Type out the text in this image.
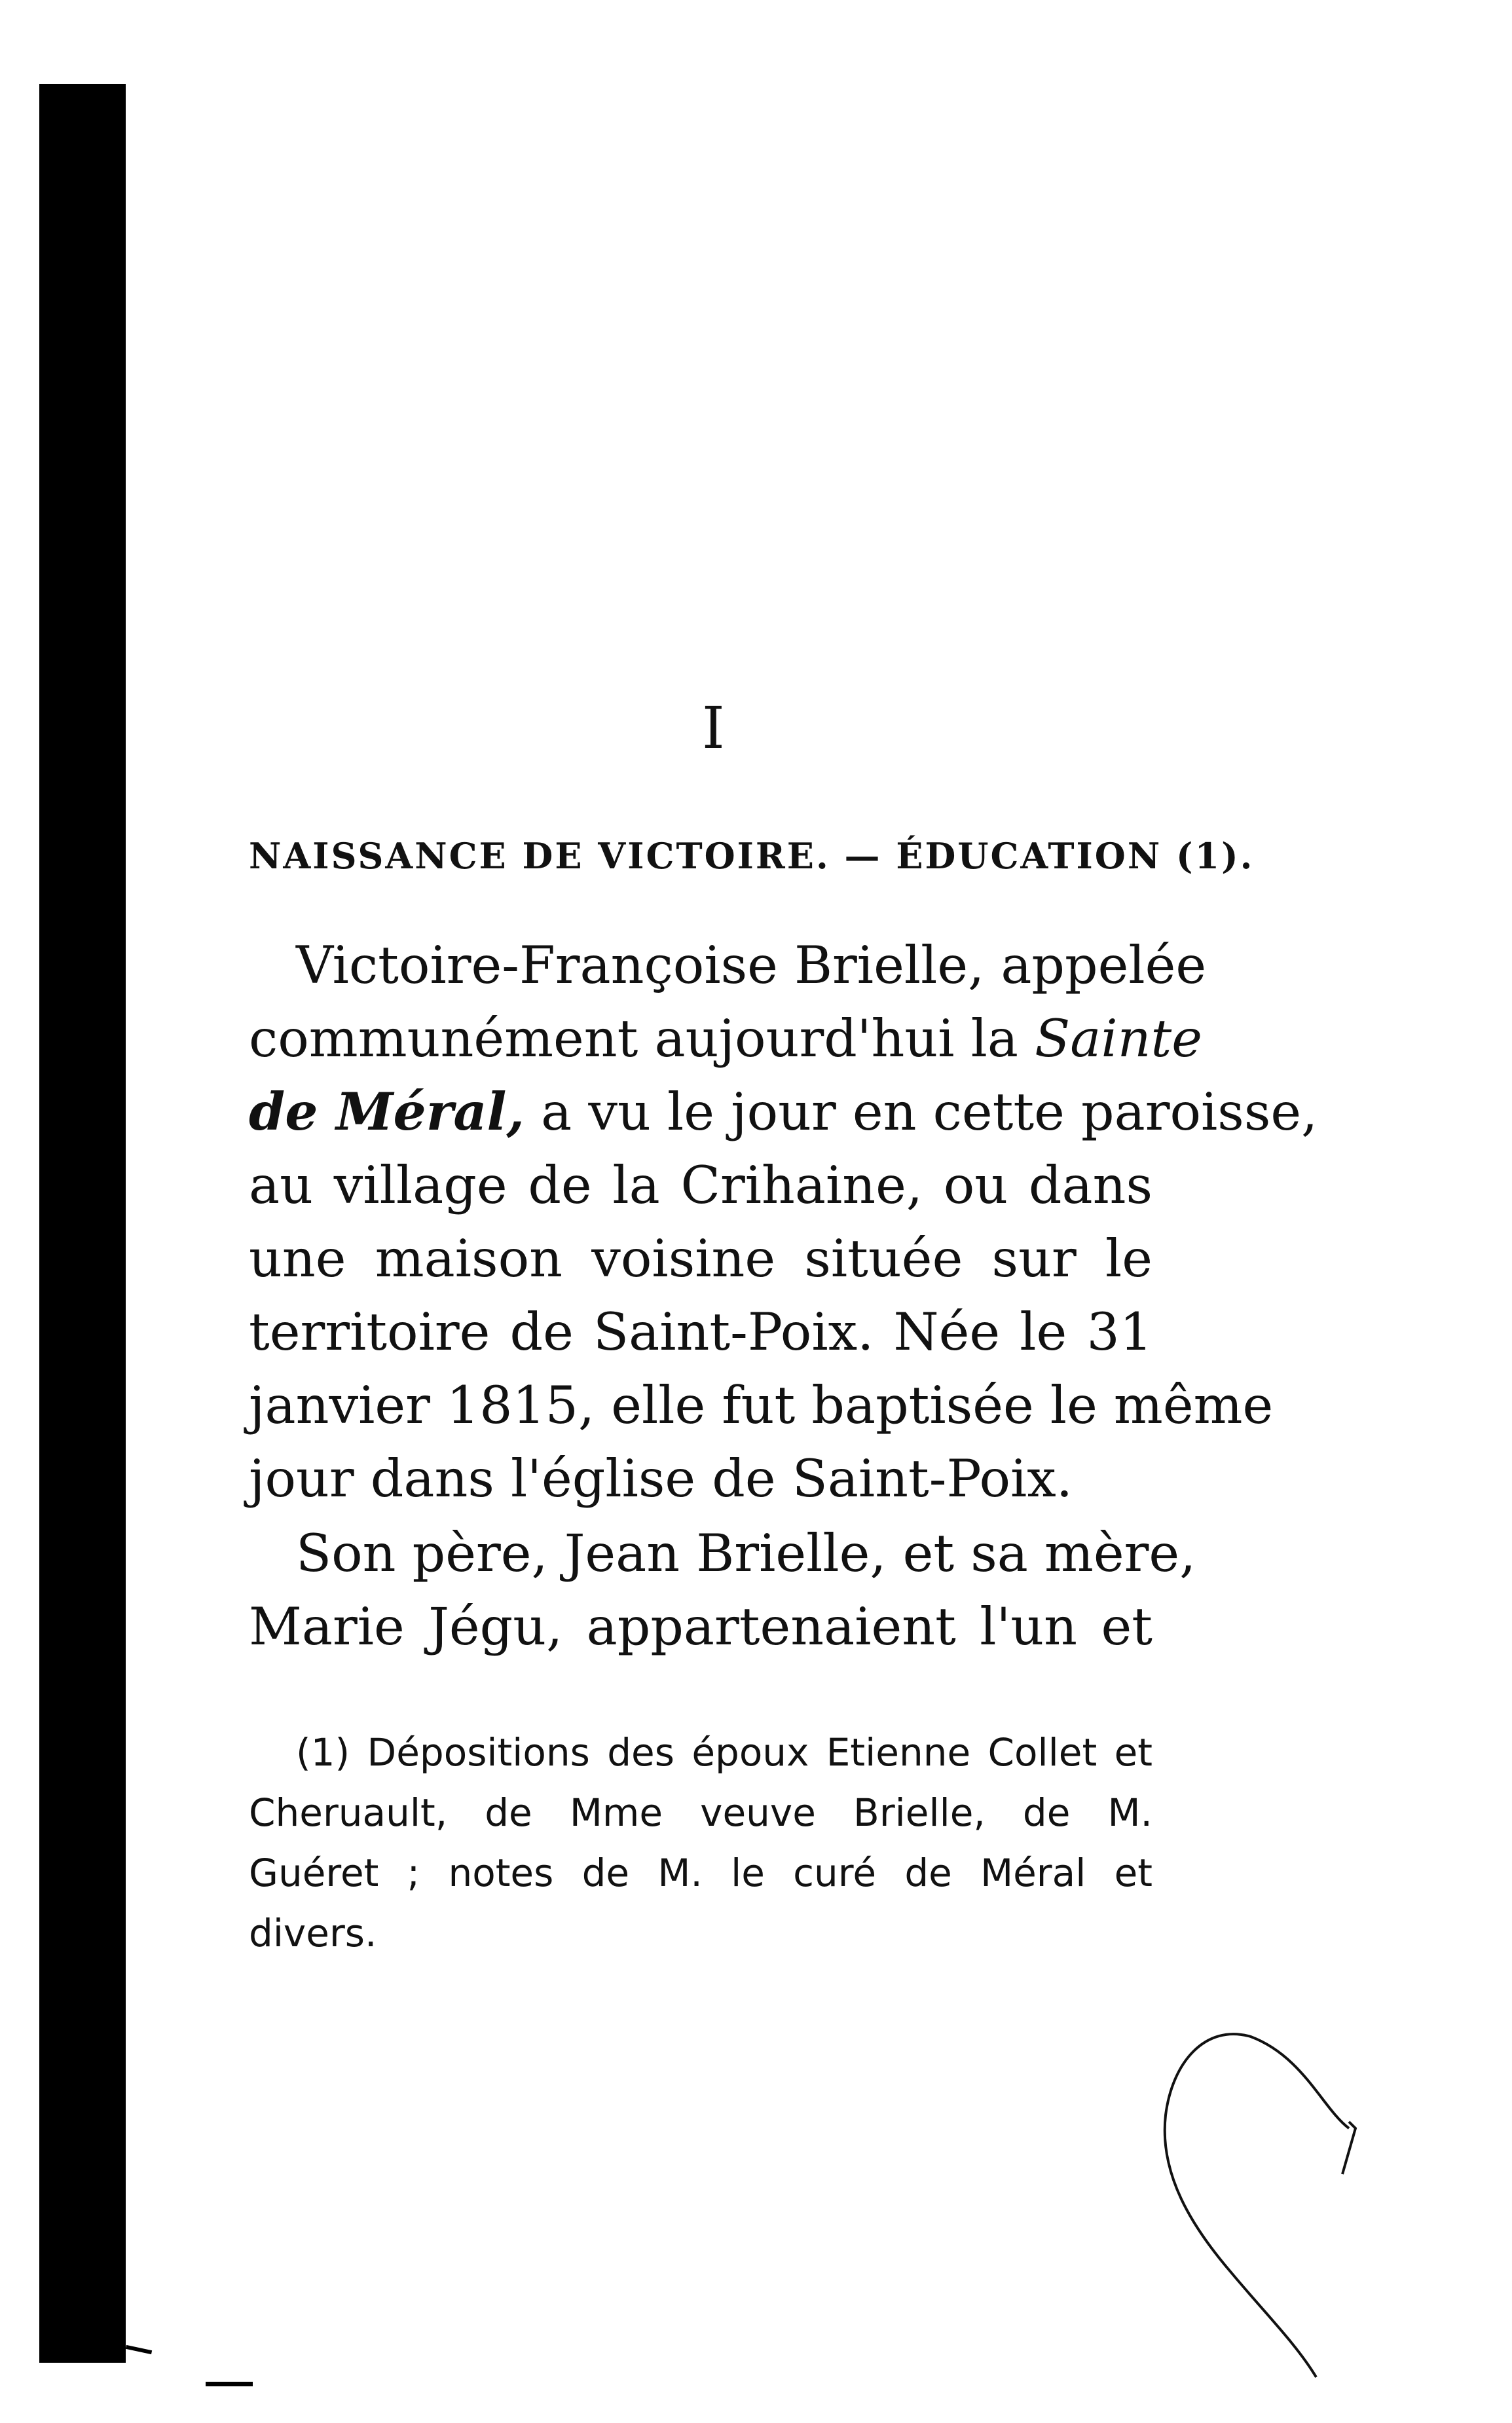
I
NAISSANCE DE VICTOIRE. — ÉDUCATION (1).
Victoire-Françoise Brielle, appelée
communément aujourd'hui la Sainte
de Méral, a vu le jour en cette paroisse,
au village de la Crihaine, ou dans
une maison voisine située sur le
territoire de Saint-Poix. Née le 31
janvier 1815, elle fut baptisée le même
jour dans l'église de Saint-Poix.
Son père, Jean Brielle, et sa mère,
Marie Jégu, appartenaient l'un et
(1) Dépositions des époux Etienne Collet et
Cheruault, de Mme veuve Brielle, de M.
Guéret ; notes de M. le curé de Méral et
divers.
